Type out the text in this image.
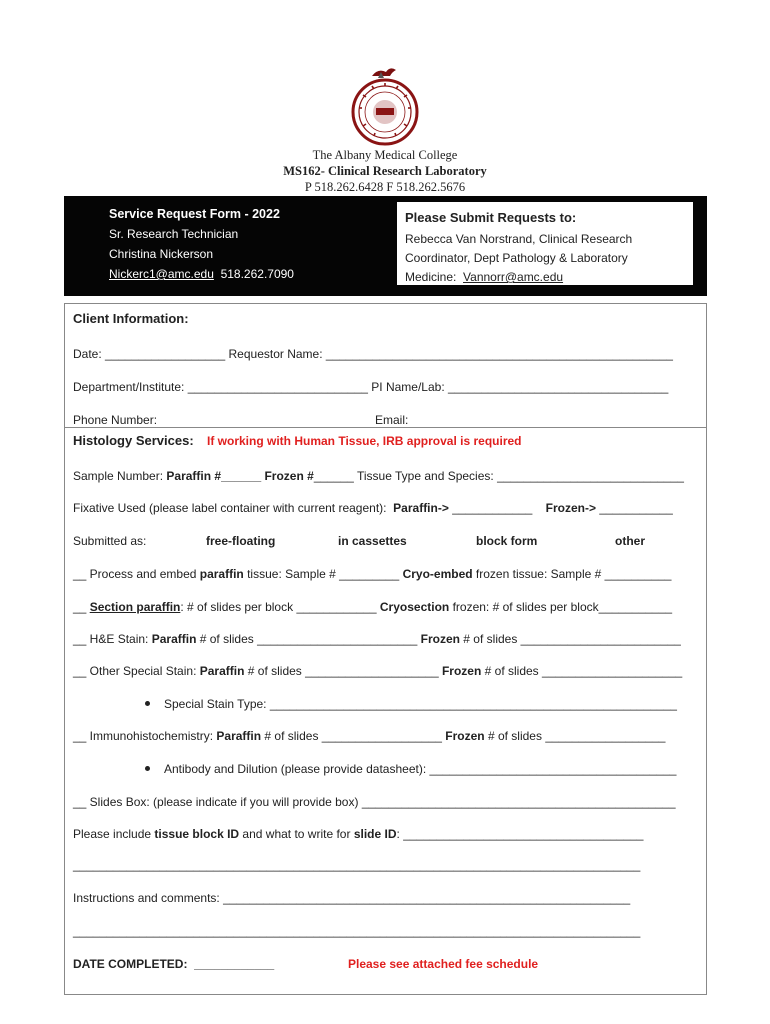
The Albany Medical College
MS162- Clinical Research Laboratory
P 518.262.6428 F 518.262.5676
Service Request Form - 2022
Sr. Research Technician
Christina Nickerson
Nickerc1@amc.edu 518.262.7090
Please Submit Requests to:
Rebecca Van Norstrand, Clinical Research
Coordinator, Dept Pathology & Laboratory
Medicine: Vannorr@amc.edu
Client Information:
Date: __________________ Requestor Name: ____________________________________________________
Department/Institute: ___________________________ PI Name/Lab: _________________________________
Phone Number:	Email:
Histology Services: If working with Human Tissue, IRB approval is required
Sample Number: Paraffin #______ Frozen #______ Tissue Type and Species: ____________________________
Fixative Used (please label container with current reagent): Paraffin-> ____________ Frozen-> ___________
Submitted as:	free-floating	in cassettes	block form	other
__ Process and embed paraffin tissue: Sample # _________ Cryo-embed frozen tissue: Sample # __________
__ Section paraffin: # of slides per block ____________ Cryosection frozen: # of slides per block___________
__ H&E Stain: Paraffin # of slides ________________________ Frozen # of slides ________________________
__ Other Special Stain: Paraffin # of slides ____________________ Frozen # of slides _____________________
Special Stain Type: _____________________________________________________________
__ Immunohistochemistry: Paraffin # of slides __________________ Frozen # of slides __________________
Antibody and Dilution (please provide datasheet): _____________________________________
__ Slides Box: (please indicate if you will provide box) _______________________________________________
Please include tissue block ID and what to write for slide ID: ____________________________________
_____________________________________________________________________________________
Instructions and comments: _____________________________________________________________
_____________________________________________________________________________________
DATE COMPLETED: ____________	Please see attached fee schedule
